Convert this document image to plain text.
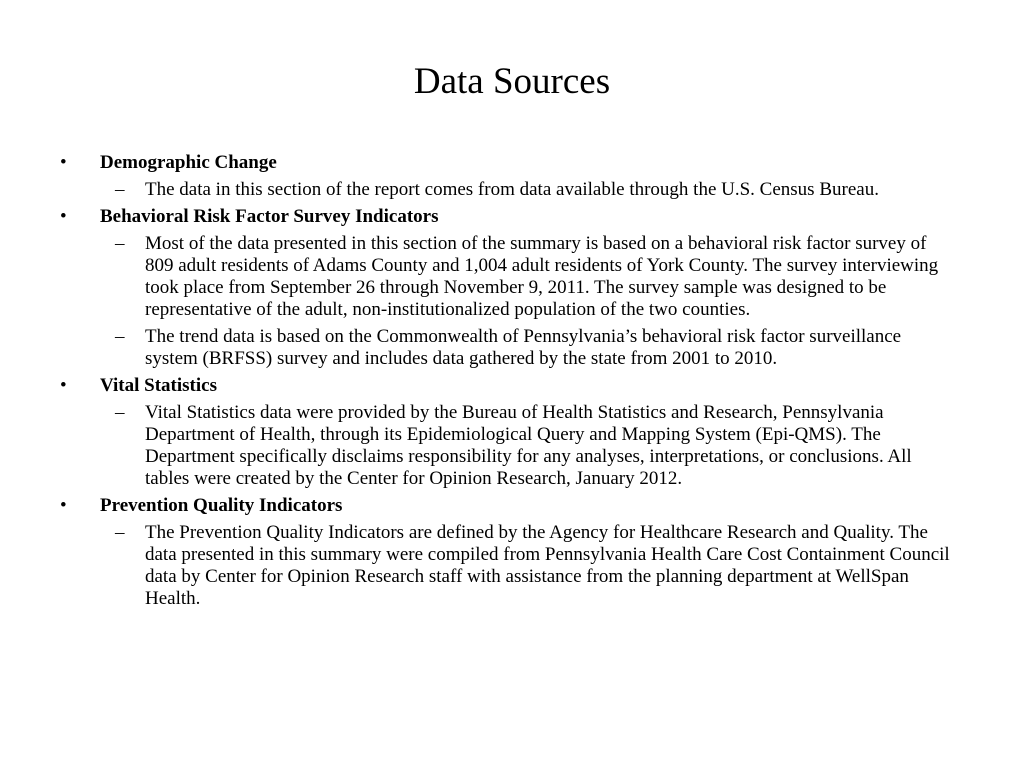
Data Sources
• Demographic Change
– The data in this section of the report comes from data available through the U.S. Census Bureau.
• Behavioral Risk Factor Survey Indicators
– Most of the data presented in this section of the summary is based on a behavioral risk factor survey of 809 adult residents of Adams County and 1,004 adult residents of York County. The survey interviewing took place from September 26 through November 9, 2011. The survey sample was designed to be representative of the adult, non-institutionalized population of the two counties.
– The trend data is based on the Commonwealth of Pennsylvania’s behavioral risk factor surveillance system (BRFSS) survey and includes data gathered by the state from 2001 to 2010.
• Vital Statistics
– Vital Statistics data were provided by the Bureau of Health Statistics and Research, Pennsylvania Department of Health, through its Epidemiological Query and Mapping System (Epi-QMS). The Department specifically disclaims responsibility for any analyses, interpretations, or conclusions. All tables were created by the Center for Opinion Research, January 2012.
• Prevention Quality Indicators
– The Prevention Quality Indicators are defined by the Agency for Healthcare Research and Quality. The data presented in this summary were compiled from Pennsylvania Health Care Cost Containment Council data by Center for Opinion Research staff with assistance from the planning department at WellSpan Health.
